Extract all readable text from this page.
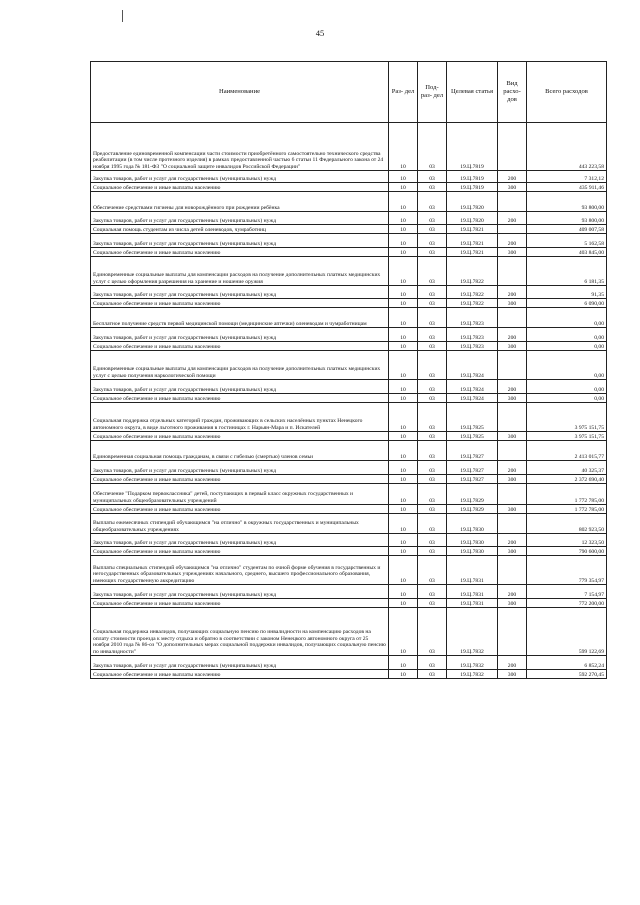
45
Наименование	Раз- дел	Под- раз- дел	Целевая статья	Вид расхо- дов	Всего расходов
Предоставление единовременной компенсации части стоимости приобретённого самостоятельно технического средства реабилитации (в том числе протезного изделия) в рамках предоставленной частью 6 статьи 11 Федерального закона от 24 ноября 1995 года № 181-ФЗ "О социальной защите инвалидов Российской Федерации"	10	03	19.Ц.7819		443 223,58
Закупка товаров, работ и услуг для государственных (муниципальных) нужд	10	03	19.Ц.7819	200	7 312,12
Социальное обеспечение и иные выплаты населению	10	03	19.Ц.7819	300	435 911,46
Обеспечение средствами гигиены для новорождённого при рождении ребёнка	10	03	19.Ц.7820		93 800,00
Закупка товаров, работ и услуг для государственных (муниципальных) нужд	10	03	19.Ц.7820	200	93 800,00
Социальная помощь студентам из числа детей оленеводов, чумработниц	10	03	19.Ц.7821		409 007,58
Закупка товаров, работ и услуг для государственных (муниципальных) нужд	10	03	19.Ц.7821	200	5 162,58
Социальное обеспечение и иные выплаты населению	10	03	19.Ц.7821	300	403 845,00
Единовременные социальные выплаты для компенсации расходов на получение дополнительных платных медицинских услуг с целью оформления разрешения на хранение и ношение оружия	10	03	19.Ц.7822		6 181,35
Закупка товаров, работ и услуг для государственных (муниципальных) нужд	10	03	19.Ц.7822	200	91,35
Социальное обеспечение и иные выплаты населению	10	03	19.Ц.7822	300	6 090,00
Бесплатное получение средств первой медицинской помощи (медицинские аптечки) оленеводам и чумработницам	10	03	19.Ц.7823		0,00
Закупка товаров, работ и услуг для государственных (муниципальных) нужд	10	03	19.Ц.7823	200	0,00
Социальное обеспечение и иные выплаты населению	10	03	19.Ц.7823	300	0,00
Единовременные социальные выплаты для компенсации расходов на получение дополнительных платных медицинских услуг с целью получения наркологической помощи	10	03	19.Ц.7824		0,00
Закупка товаров, работ и услуг для государственных (муниципальных) нужд	10	03	19.Ц.7824	200	0,00
Социальное обеспечение и иные выплаты населению	10	03	19.Ц.7824	300	0,00
Социальная поддержка отдельных категорий граждан, проживающих в сельских населённых пунктах Ненецкого автономного округа, в виде льготного проживания в гостиницах г. Нарьян-Мара и п. Искателей	10	03	19.Ц.7825		3 975 151,75
Социальное обеспечение и иные выплаты населению	10	03	19.Ц.7825	300	3 975 151,75
Единовременная социальная помощь гражданам, в связи с гибелью (смертью) членов семьи	10	03	19.Ц.7827		2 413 015,77
Закупка товаров, работ и услуг для государственных (муниципальных) нужд	10	03	19.Ц.7827	200	40 325,37
Социальное обеспечение и иные выплаты населению	10	03	19.Ц.7827	300	2 372 690,40
Обеспечение "Подарком первоклассника" детей, поступающих в первый класс окружных государственных и муниципальных общеобразовательных учреждений	10	03	19.Ц.7829		1 772 785,00
Социальное обеспечение и иные выплаты населению	10	03	19.Ц.7829	300	1 772 785,00
Выплаты ежемесячных стипендий обучающимся "на отлично" в окружных государственных и муниципальных общеобразовательных учреждениях	10	03	19.Ц.7830		802 923,50
Закупка товаров, работ и услуг для государственных (муниципальных) нужд	10	03	19.Ц.7830	200	12 323,50
Социальное обеспечение и иные выплаты населению	10	03	19.Ц.7830	300	790 600,00
Выплаты специальных стипендий обучающимся "на отлично" студентам по очной форме обучения в государственных и негосударственных образовательных учреждениях начального, среднего, высшего профессионального образования, имеющих государственную аккредитацию	10	03	19.Ц.7831		779 354,97
Закупка товаров, работ и услуг для государственных (муниципальных) нужд	10	03	19.Ц.7831	200	7 154,97
Социальное обеспечение и иные выплаты населению	10	03	19.Ц.7831	300	772 200,00
Социальная поддержка инвалидов, получающих социальную пенсию по инвалидности на компенсацию расходов на оплату стоимости проезда к месту отдыха и обратно в соответствии с законом Ненецкого автономного округа от 25 ноября 2010 года № 86-оз "О дополнительных мерах социальной поддержки инвалидов, получающих социальную пенсию по инвалидности"	10	03	19.Ц.7832		599 122,69
Закупка товаров, работ и услуг для государственных (муниципальных) нужд	10	03	19.Ц.7832	200	6 852,24
Социальное обеспечение и иные выплаты населению	10	03	19.Ц.7832	300	592 270,45
